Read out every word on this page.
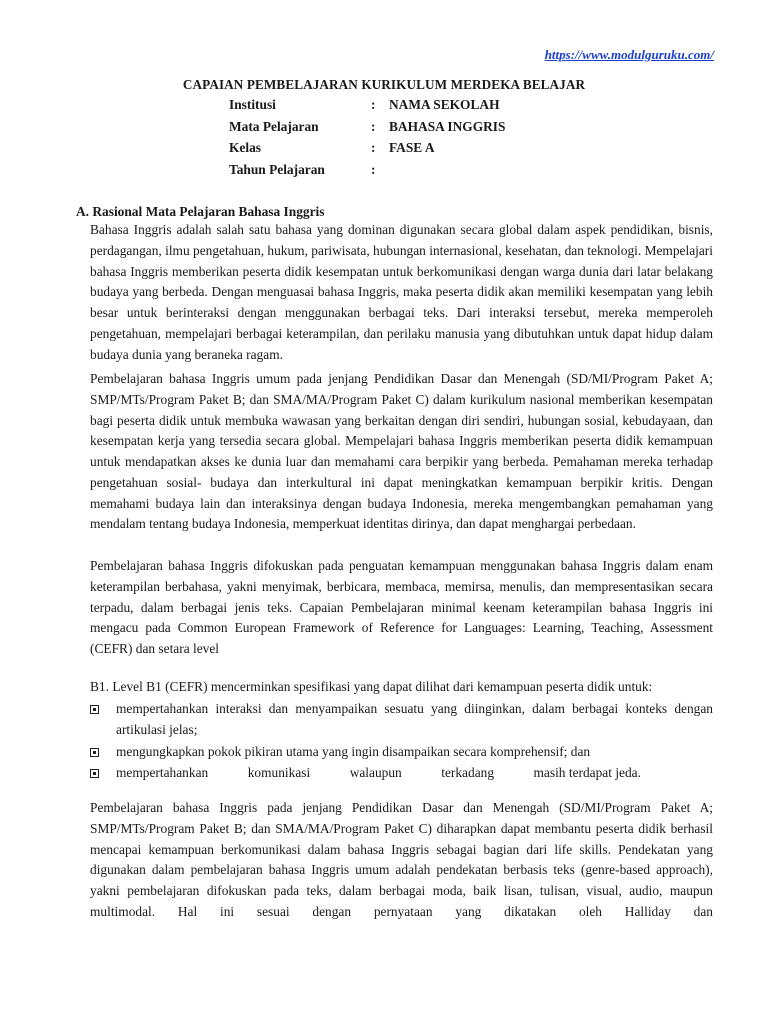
https://www.modulguruku.com/
CAPAIAN PEMBELAJARAN KURIKULUM MERDEKA BELAJAR
Institusi	:	NAMA SEKOLAH
Mata Pelajaran	:	BAHASA INGGRIS
Kelas	:	FASE A
Tahun Pelajaran	:
A. Rasional Mata Pelajaran Bahasa Inggris

Bahasa Inggris adalah salah satu bahasa yang dominan digunakan secara global dalam aspek pendidikan, bisnis, perdagangan, ilmu pengetahuan, hukum, pariwisata, hubungan internasional, kesehatan, dan teknologi. Mempelajari bahasa Inggris memberikan peserta didik kesempatan untuk berkomunikasi dengan warga dunia dari latar belakang budaya yang berbeda. Dengan menguasai bahasa Inggris, maka peserta didik akan memiliki kesempatan yang lebih besar untuk berinteraksi dengan menggunakan berbagai teks. Dari interaksi tersebut, mereka memperoleh pengetahuan, mempelajari berbagai keterampilan, dan perilaku manusia yang dibutuhkan untuk dapat hidup dalam budaya dunia yang beraneka ragam.

Pembelajaran bahasa Inggris umum pada jenjang Pendidikan Dasar dan Menengah (SD/MI/Program Paket A; SMP/MTs/Program Paket B; dan SMA/MA/Program Paket C) dalam kurikulum nasional memberikan kesempatan bagi peserta didik untuk membuka wawasan yang berkaitan dengan diri sendiri, hubungan sosial, kebudayaan, dan kesempatan kerja yang tersedia secara global. Mempelajari bahasa Inggris memberikan peserta didik kemampuan untuk mendapatkan akses ke dunia luar dan memahami cara berpikir yang berbeda. Pemahaman mereka terhadap pengetahuan sosial- budaya dan interkultural ini dapat meningkatkan kemampuan berpikir kritis. Dengan memahami budaya lain dan interaksinya dengan budaya Indonesia, mereka mengembangkan pemahaman yang mendalam tentang budaya Indonesia, memperkuat identitas dirinya, dan dapat menghargai perbedaan.

Pembelajaran bahasa Inggris difokuskan pada penguatan kemampuan menggunakan bahasa Inggris dalam enam keterampilan berbahasa, yakni menyimak, berbicara, membaca, memirsa, menulis, dan mempresentasikan secara terpadu, dalam berbagai jenis teks. Capaian Pembelajaran minimal keenam keterampilan bahasa Inggris ini mengacu pada Common European Framework of Reference for Languages: Learning, Teaching, Assessment (CEFR) dan setara level

B1. Level B1 (CEFR) mencerminkan spesifikasi yang dapat dilihat dari kemampuan peserta didik untuk:
mempertahankan interaksi dan menyampaikan sesuatu yang diinginkan, dalam berbagai konteks dengan artikulasi jelas;
mengungkapkan pokok pikiran utama yang ingin disampaikan secara komprehensif; dan
mempertahankan	komunikasi	walaupun	terkadang	masih terdapat jeda.

Pembelajaran bahasa Inggris pada jenjang Pendidikan Dasar dan Menengah (SD/MI/Program Paket A; SMP/MTs/Program Paket B; dan SMA/MA/Program Paket C) diharapkan dapat membantu peserta didik berhasil mencapai kemampuan berkomunikasi dalam bahasa Inggris sebagai bagian dari life skills. Pendekatan yang digunakan dalam pembelajaran bahasa Inggris umum adalah pendekatan berbasis teks (genre-based approach), yakni pembelajaran difokuskan pada teks, dalam berbagai moda, baik lisan, tulisan, visual, audio, maupun multimodal. Hal ini sesuai dengan pernyataan yang dikatakan oleh Halliday dan
